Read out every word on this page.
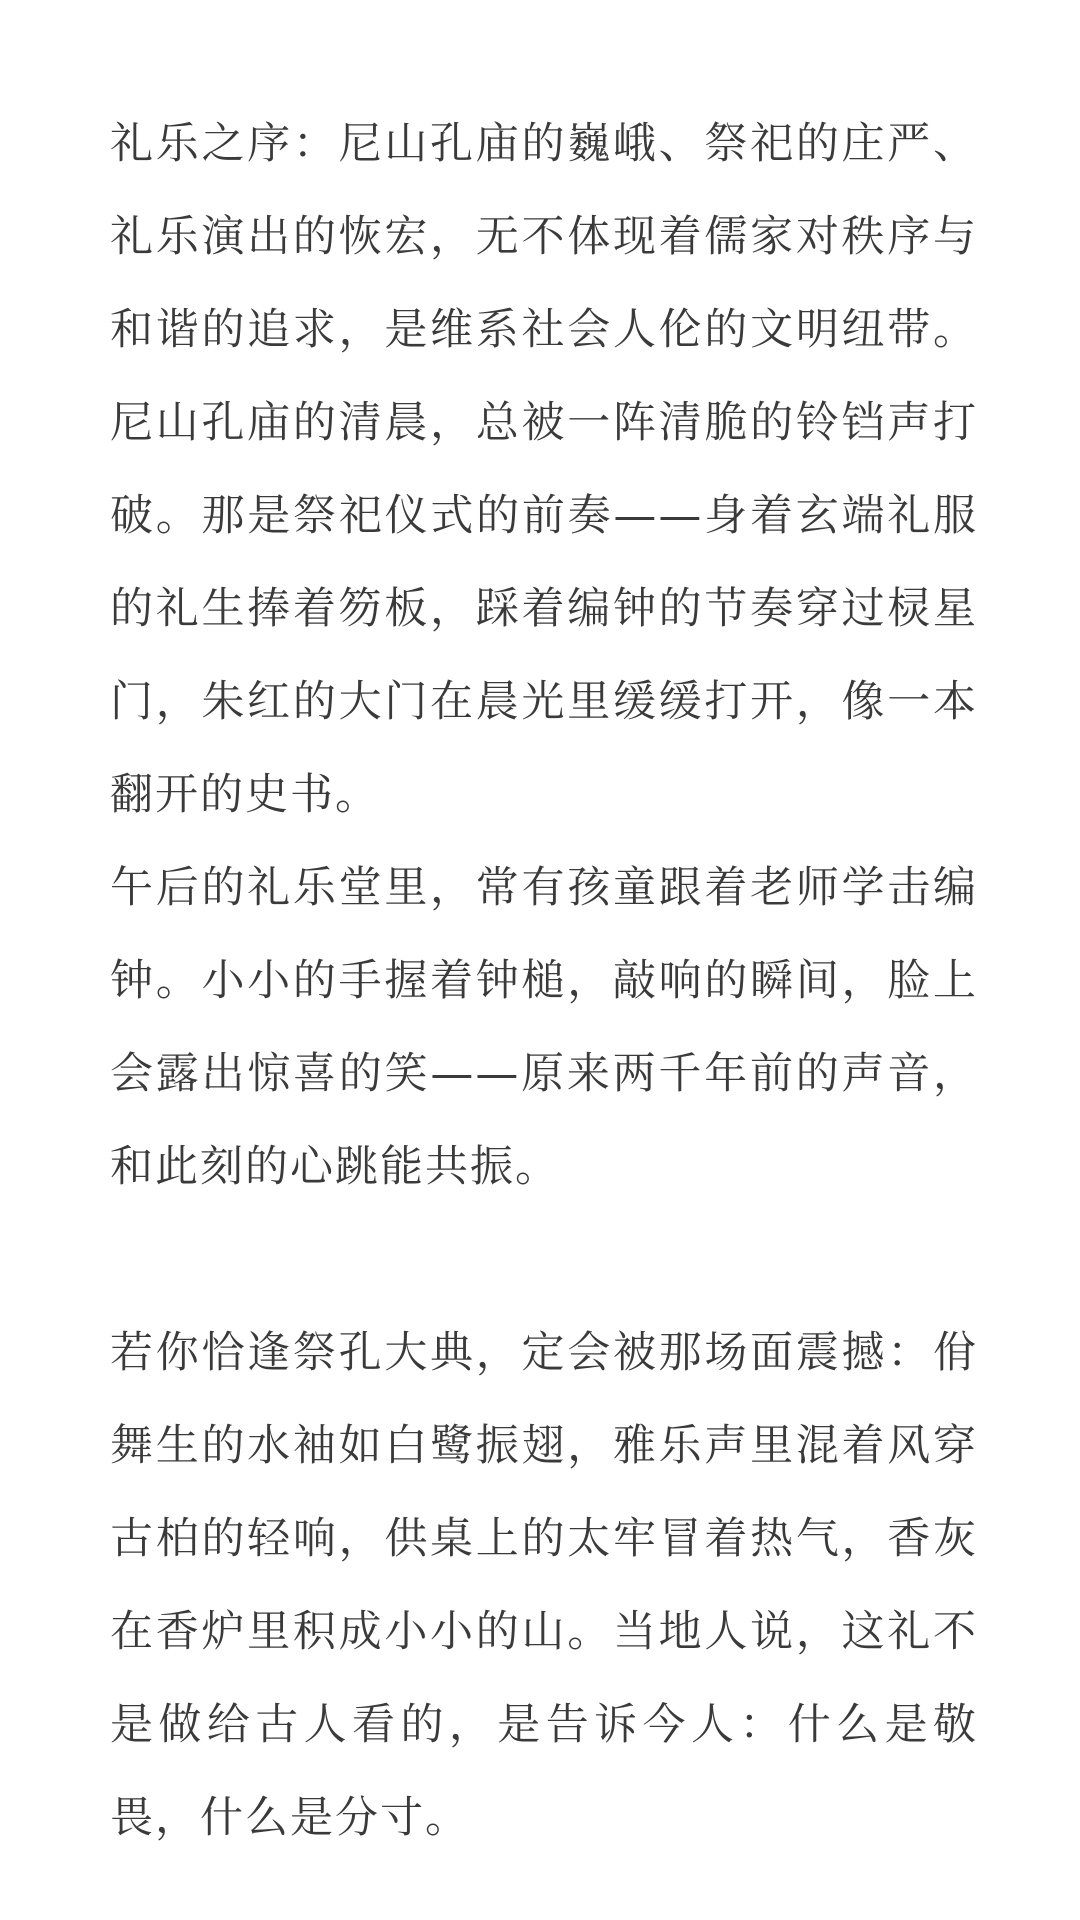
礼乐之序：尼山孔庙的巍峨、祭祀的庄严、礼乐演出的恢宏，无不体现着儒家对秩序与和谐的追求，是维系社会人伦的文明纽带。尼山孔庙的清晨，总被一阵清脆的铃铛声打破。那是祭祀仪式的前奏——身着玄端礼服的礼生捧着笏板，踩着编钟的节奏穿过棂星门，朱红的大门在晨光里缓缓打开，像一本翻开的史书。

午后的礼乐堂里，常有孩童跟着老师学击编钟。小小的手握着钟槌，敲响的瞬间，脸上会露出惊喜的笑——原来两千年前的声音，和此刻的心跳能共振。

若你恰逢祭孔大典，定会被那场面震撼：佾舞生的水袖如白鹭振翅，雅乐声里混着风穿古柏的轻响，供桌上的太牢冒着热气，香灰在香炉里积成小小的山。当地人说，这礼不是做给古人看的，是告诉今人：什么是敬畏，什么是分寸。
